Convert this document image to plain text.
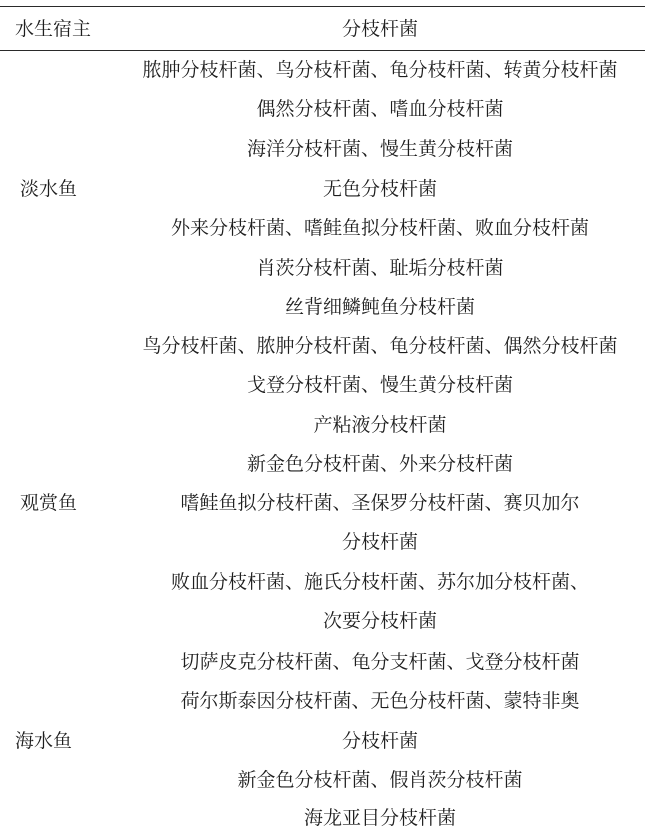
水生宿主	分枝杆菌
淡水鱼
脓肿分枝杆菌、鸟分枝杆菌、龟分枝杆菌、转黄分枝杆菌
偶然分枝杆菌、嗜血分枝杆菌
海洋分枝杆菌、慢生黄分枝杆菌
无色分枝杆菌
外来分枝杆菌、嗜鲑鱼拟分枝杆菌、败血分枝杆菌
肖茨分枝杆菌、耻垢分枝杆菌
丝背细鳞鲀鱼分枝杆菌
观赏鱼
鸟分枝杆菌、脓肿分枝杆菌、龟分枝杆菌、偶然分枝杆菌
戈登分枝杆菌、慢生黄分枝杆菌
产粘液分枝杆菌
新金色分枝杆菌、外来分枝杆菌
嗜鲑鱼拟分枝杆菌、圣保罗分枝杆菌、赛贝加尔
分枝杆菌
败血分枝杆菌、施氏分枝杆菌、苏尔加分枝杆菌、
次要分枝杆菌
海水鱼
切萨皮克分枝杆菌、龟分支杆菌、戈登分枝杆菌
荷尔斯泰因分枝杆菌、无色分枝杆菌、蒙特非奥
分枝杆菌
新金色分枝杆菌、假肖茨分枝杆菌
海龙亚目分枝杆菌
